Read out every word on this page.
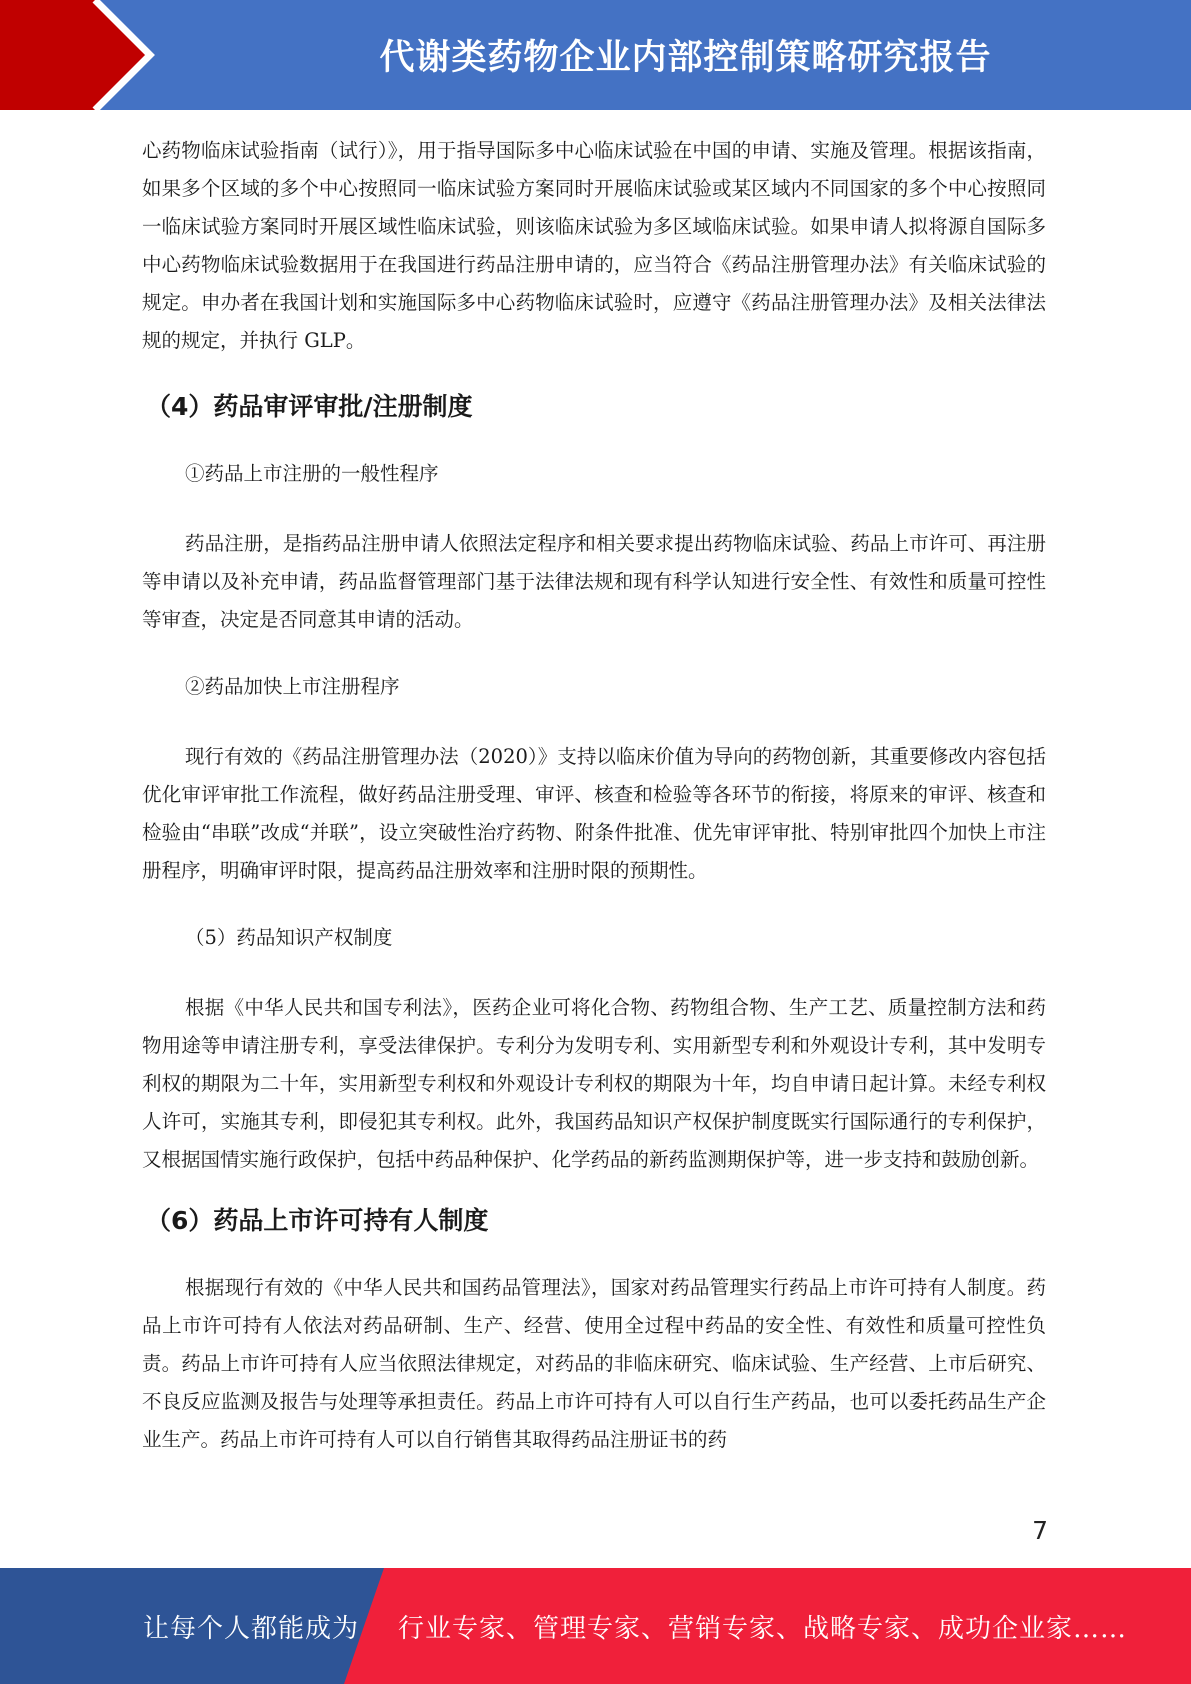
代谢类药物企业内部控制策略研究报告

心药物临床试验指南（试行）》，用于指导国际多中心临床试验在中国的申请、实施及管理。根据该指南，如果多个区域的多个中心按照同一临床试验方案同时开展临床试验或某区域内不同国家的多个中心按照同一临床试验方案同时开展区域性临床试验，则该临床试验为多区域临床试验。如果申请人拟将源自国际多中心药物临床试验数据用于在我国进行药品注册申请的，应当符合《药品注册管理办法》有关临床试验的规定。申办者在我国计划和实施国际多中心药物临床试验时，应遵守《药品注册管理办法》及相关法律法规的规定，并执行 GLP。

（4）药品审评审批/注册制度

①药品上市注册的一般性程序

药品注册，是指药品注册申请人依照法定程序和相关要求提出药物临床试验、药品上市许可、再注册等申请以及补充申请，药品监督管理部门基于法律法规和现有科学认知进行安全性、有效性和质量可控性等审查，决定是否同意其申请的活动。

②药品加快上市注册程序

现行有效的《药品注册管理办法（2020）》支持以临床价值为导向的药物创新，其重要修改内容包括优化审评审批工作流程，做好药品注册受理、审评、核查和检验等各环节的衔接，将原来的审评、核查和检验由“串联”改成“并联”，设立突破性治疗药物、附条件批准、优先审评审批、特别审批四个加快上市注册程序，明确审评时限，提高药品注册效率和注册时限的预期性。

（5）药品知识产权制度

根据《中华人民共和国专利法》，医药企业可将化合物、药物组合物、生产工艺、质量控制方法和药物用途等申请注册专利，享受法律保护。专利分为发明专利、实用新型专利和外观设计专利，其中发明专利权的期限为二十年，实用新型专利权和外观设计专利权的期限为十年，均自申请日起计算。未经专利权人许可，实施其专利，即侵犯其专利权。此外，我国药品知识产权保护制度既实行国际通行的专利保护，又根据国情实施行政保护，包括中药品种保护、化学药品的新药监测期保护等，进一步支持和鼓励创新。

（6）药品上市许可持有人制度

根据现行有效的《中华人民共和国药品管理法》，国家对药品管理实行药品上市许可持有人制度。药品上市许可持有人依法对药品研制、生产、经营、使用全过程中药品的安全性、有效性和质量可控性负责。药品上市许可持有人应当依照法律规定，对药品的非临床研究、临床试验、生产经营、上市后研究、不良反应监测及报告与处理等承担责任。药品上市许可持有人可以自行生产药品，也可以委托药品生产企业生产。药品上市许可持有人可以自行销售其取得药品注册证书的药

7
让每个人都能成为 行业专家、管理专家、营销专家、战略专家、成功企业家……
